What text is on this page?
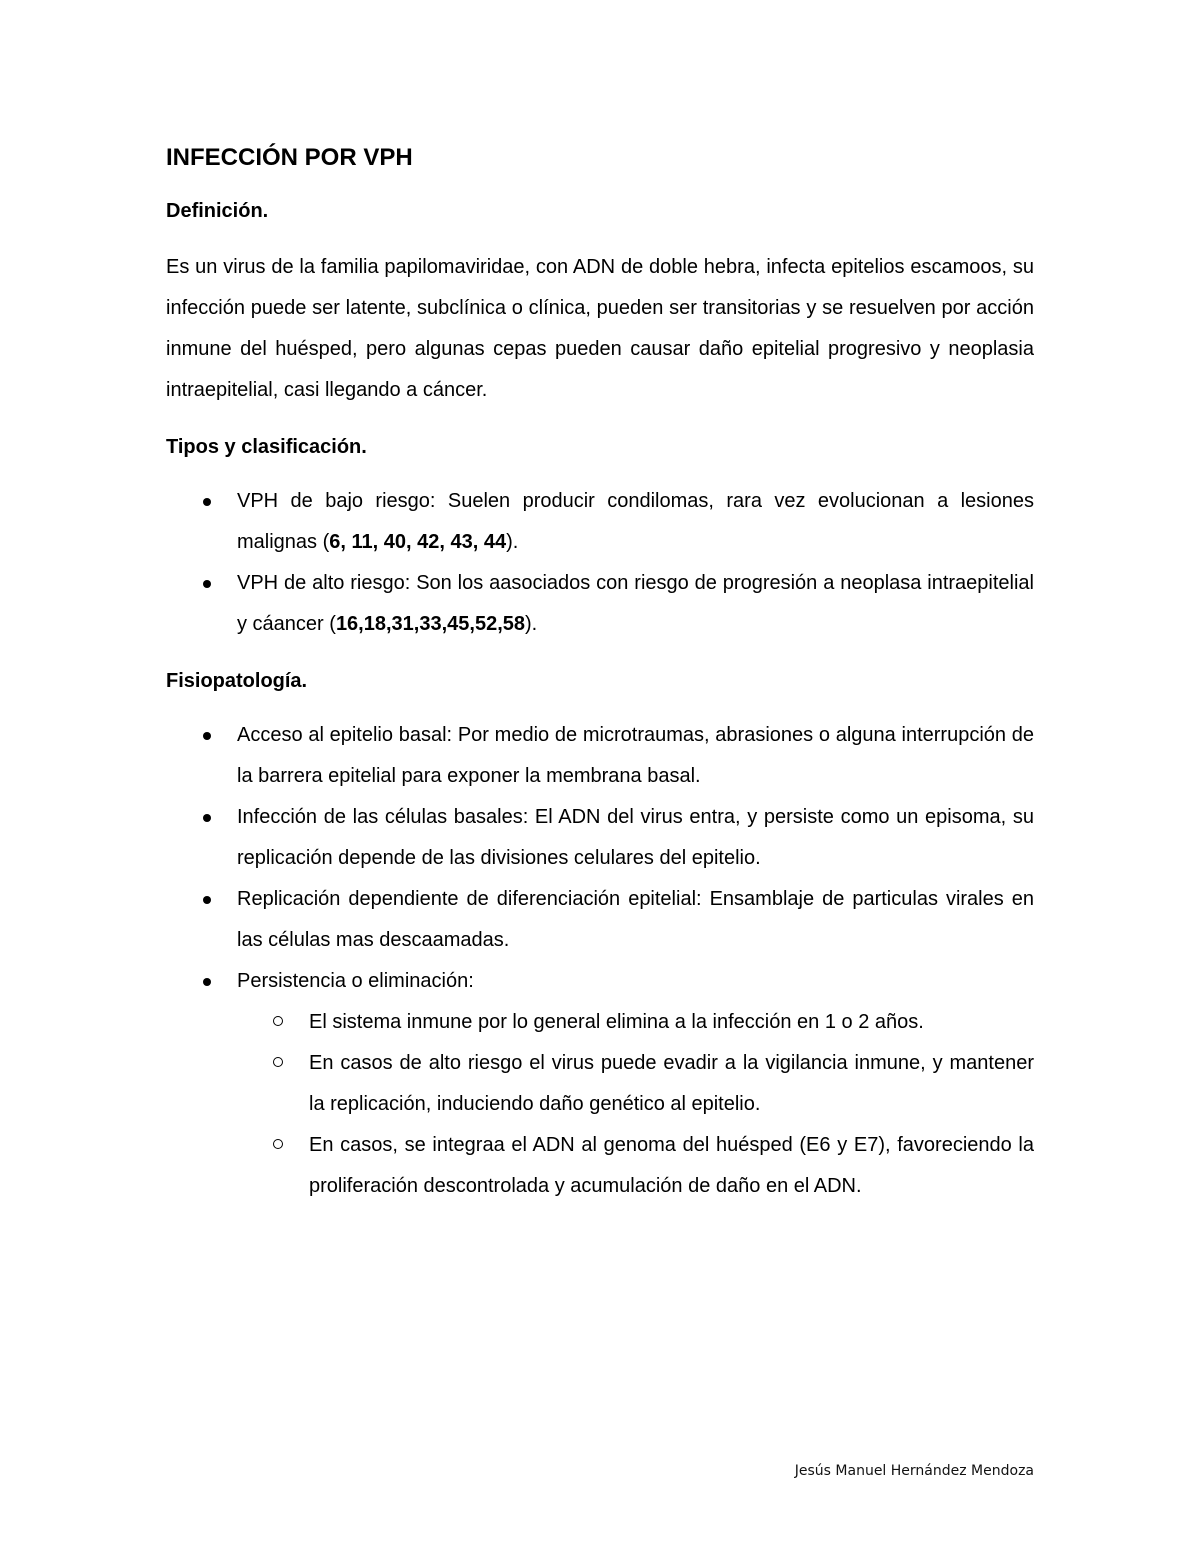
INFECCIÓN POR VPH
Definición.

Es un virus de la familia papilomaviridae, con ADN de doble hebra, infecta epitelios escamoos, su infección puede ser latente, subclínica o clínica, pueden ser transitorias y se resuelven por acción inmune del huésped, pero algunas cepas pueden causar daño epitelial progresivo y neoplasia intraepitelial, casi llegando a cáncer.

Tipos y clasificación.
VPH de bajo riesgo: Suelen producir condilomas, rara vez evolucionan a lesiones malignas (6, 11, 40, 42, 43, 44).
VPH de alto riesgo: Son los aasociados con riesgo de progresión a neoplasa intraepitelial y cáancer (16,18,31,33,45,52,58).
Fisiopatología.
Acceso al epitelio basal: Por medio de microtraumas, abrasiones o alguna interrupción de la barrera epitelial para exponer la membrana basal.
Infección de las células basales: El ADN del virus entra, y persiste como un episoma, su replicación depende de las divisiones celulares del epitelio.
Replicación dependiente de diferenciación epitelial: Ensamblaje de particulas virales en las células mas descaamadas.
Persistencia o eliminación:
El sistema inmune por lo general elimina a la infección en 1 o 2 años.
En casos de alto riesgo el virus puede evadir a la vigilancia inmune, y mantener la replicación, induciendo daño genético al epitelio.
En casos, se integraa el ADN al genoma del huésped (E6 y E7), favoreciendo la proliferación descontrolada y acumulación de daño en el ADN.
Jesús Manuel Hernández Mendoza
